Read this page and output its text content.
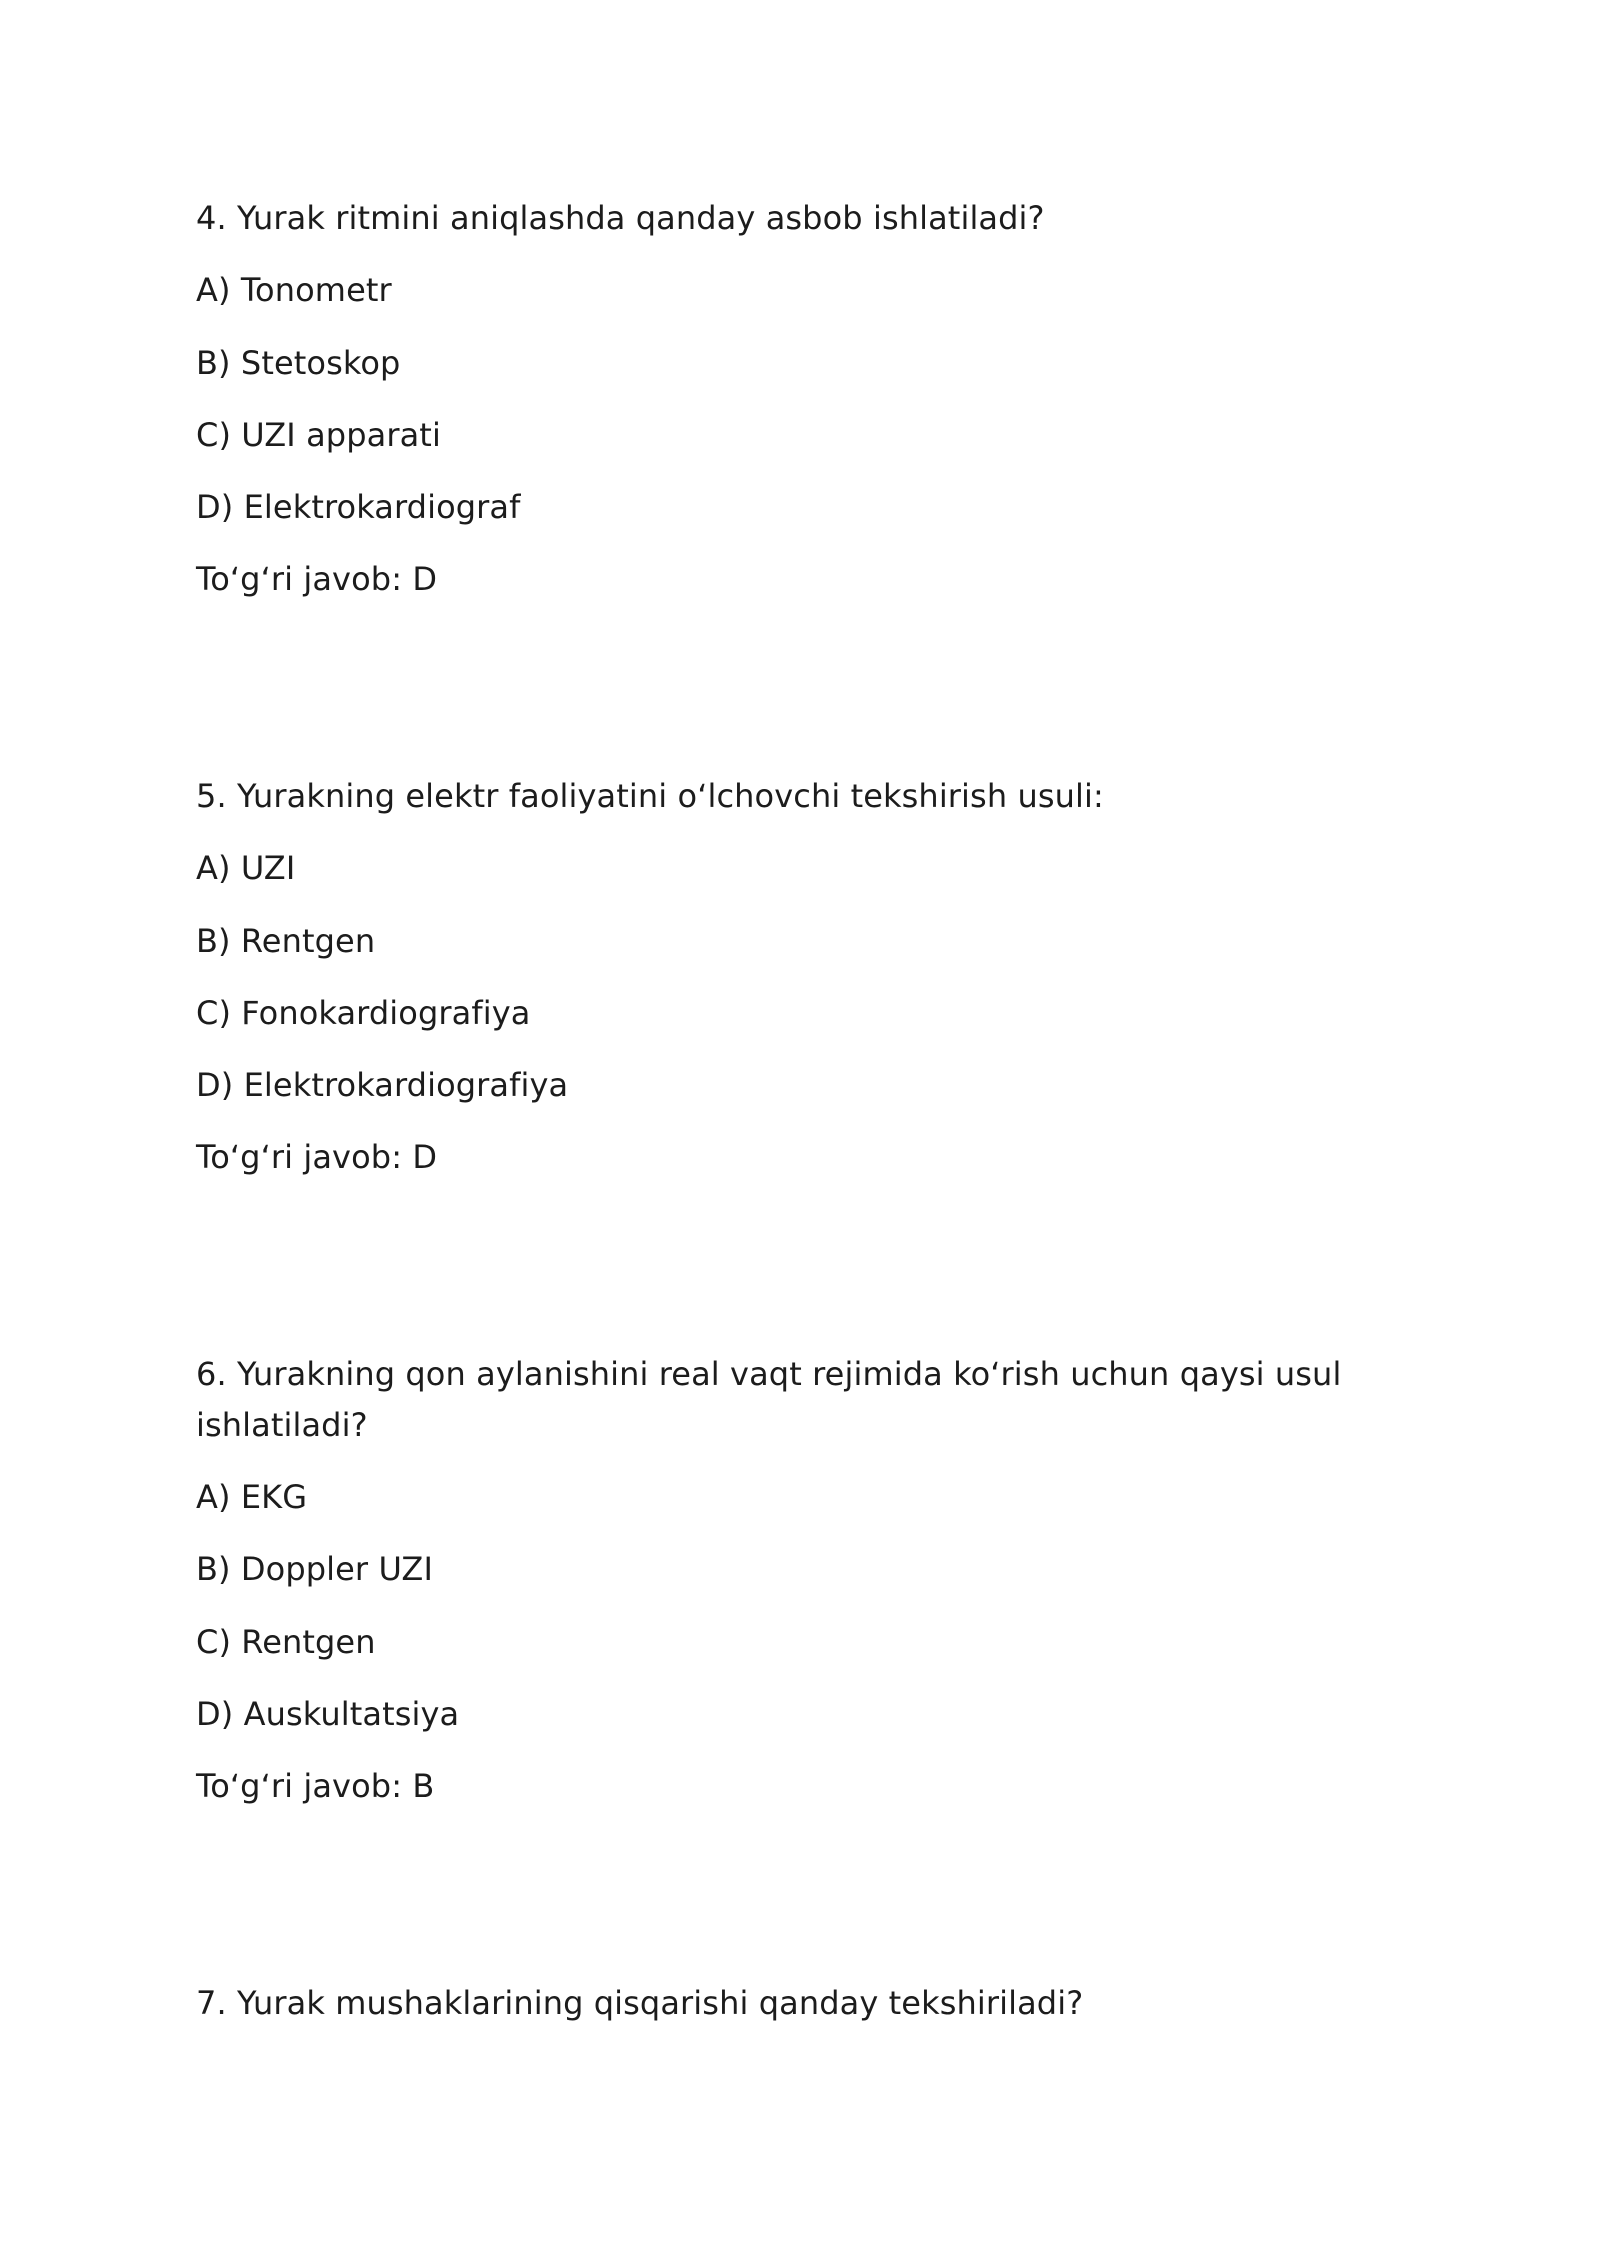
4. Yurak ritmini aniqlashda qanday asbob ishlatiladi?
A) Tonometr
B) Stetoskop
C) UZI apparati
D) Elektrokardiograf
To‘g‘ri javob: D
5. Yurakning elektr faoliyatini o‘lchovchi tekshirish usuli:
A) UZI
B) Rentgen
C) Fonokardiografiya
D) Elektrokardiografiya
To‘g‘ri javob: D
6. Yurakning qon aylanishini real vaqt rejimida ko‘rish uchun qaysi usul
ishlatiladi?
A) EKG
B) Doppler UZI
C) Rentgen
D) Auskultatsiya
To‘g‘ri javob: B
7. Yurak mushaklarining qisqarishi qanday tekshiriladi?
